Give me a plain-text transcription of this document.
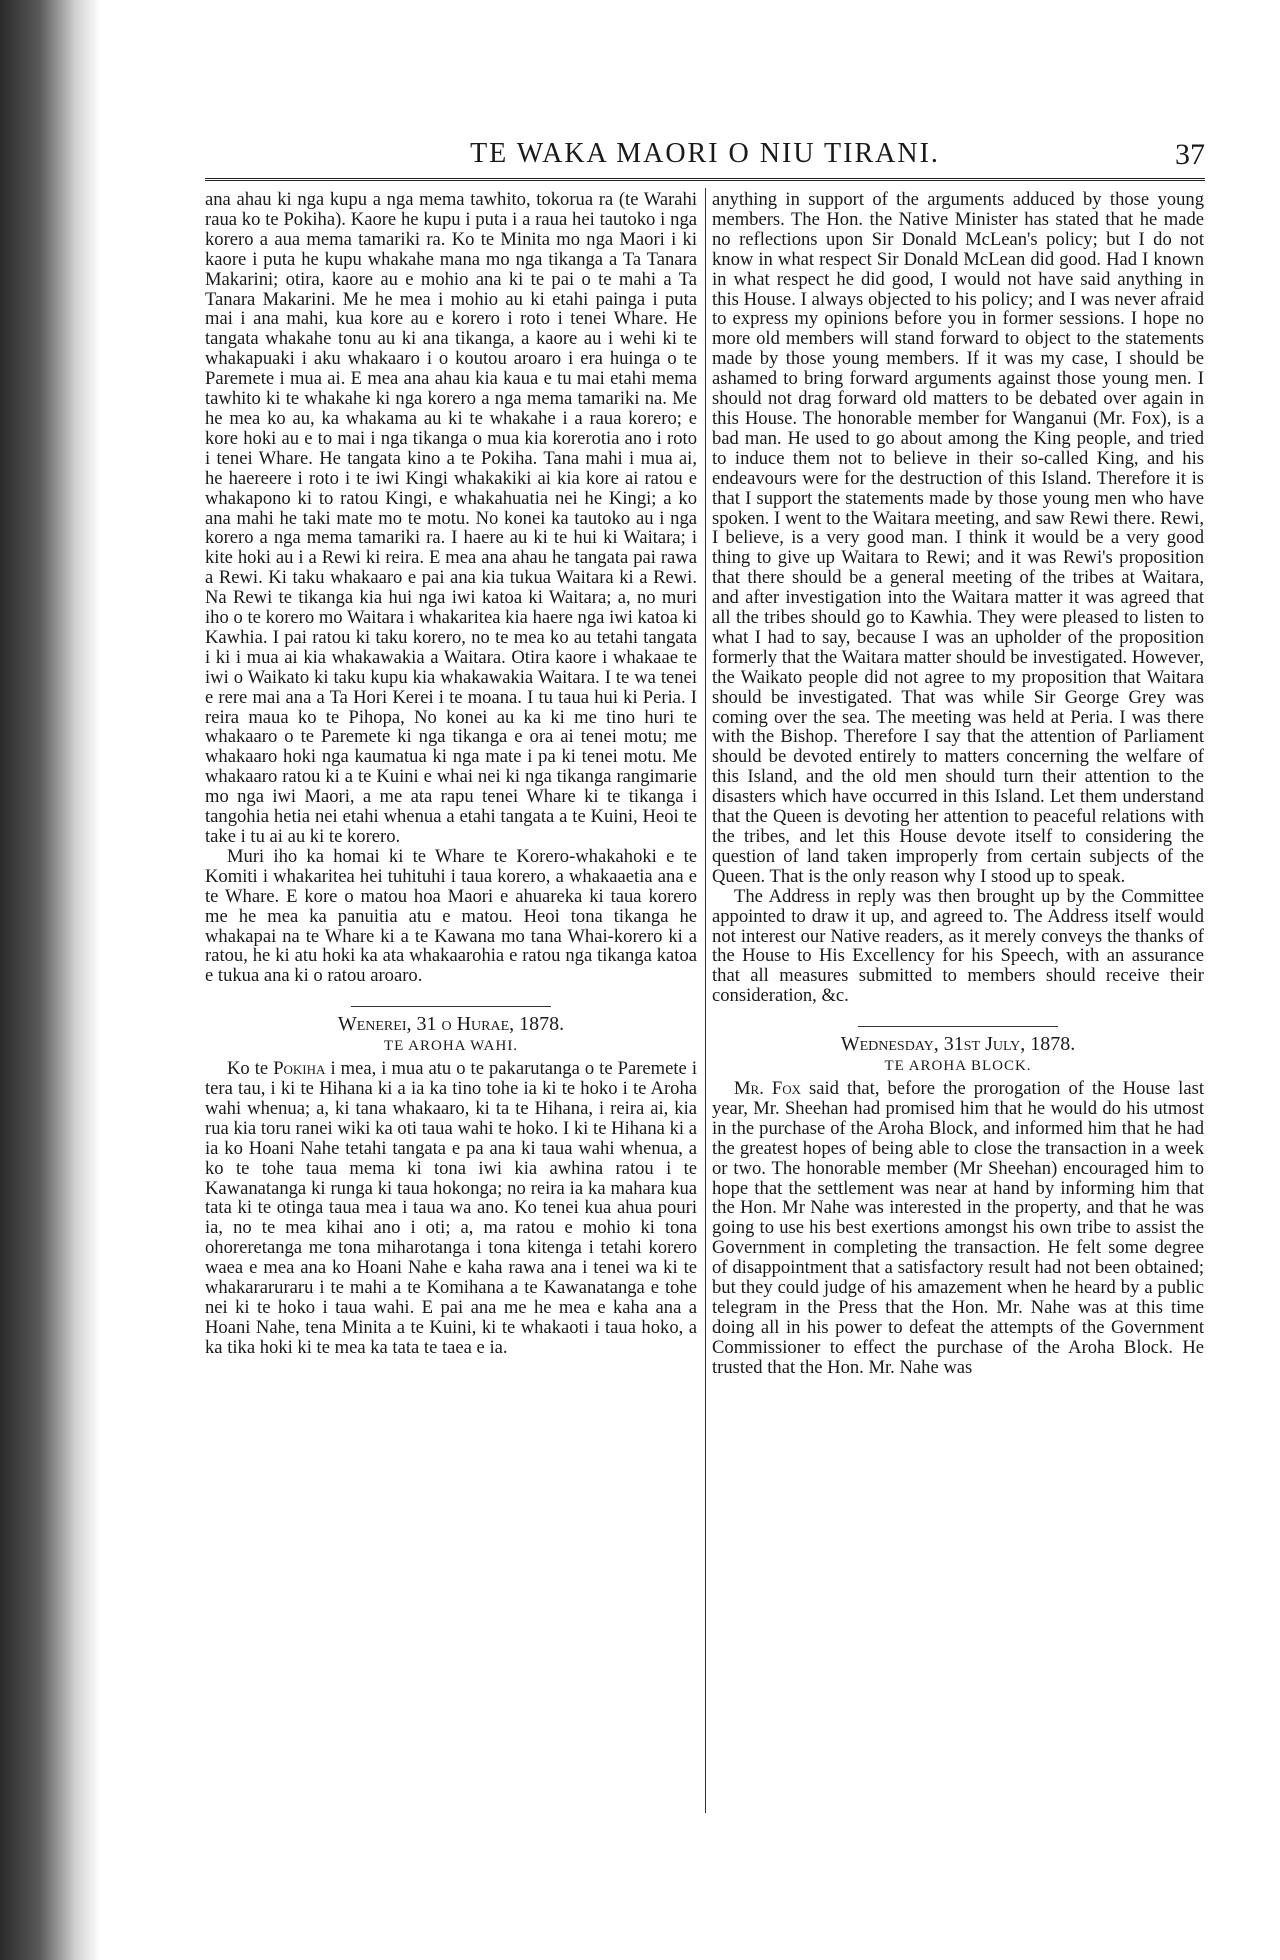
TE WAKA MAORI O NIU TIRANI.	37

ana ahau ki nga kupu a nga mema tawhito, tokorua ra (te Warahi raua ko te Pokiha). Kaore he kupu i puta i a raua hei tautoko i nga korero a aua mema tamariki ra. Ko te Minita mo nga Maori i ki kaore i puta he kupu whakahe mana mo nga tikanga a Ta Tanara Makarini; otira, kaore au e mohio ana ki te pai o te mahi a Ta Tanara Makarini. Me he mea i mohio au ki etahi painga i puta mai i ana mahi, kua kore au e korero i roto i tenei Whare. He tangata whakahe tonu au ki ana tikanga, a kaore au i wehi ki te whakapuaki i aku whakaaro i o koutou aroaro i era huinga o te Paremete i mua ai. E mea ana ahau kia kaua e tu mai etahi mema tawhito ki te whakahe ki nga korero a nga mema tamariki na. Me he mea ko au, ka whakama au ki te whakahe i a raua korero; e kore hoki au e to mai i nga tikanga o mua kia korerotia ano i roto i tenei Whare. He tangata kino a te Pokiha. Tana mahi i mua ai, he haereere i roto i te iwi Kingi whakakiki ai kia kore ai ratou e whakapono ki to ratou Kingi, e whakahuatia nei he Kingi; a ko ana mahi he taki mate mo te motu. No konei ka tautoko au i nga korero a nga mema tamariki ra. I haere au ki te hui ki Waitara; i kite hoki au i a Rewi ki reira. E mea ana ahau he tangata pai rawa a Rewi. Ki taku whakaaro e pai ana kia tukua Waitara ki a Rewi. Na Rewi te tikanga kia hui nga iwi katoa ki Waitara; a, no muri iho o te korero mo Waitara i whakaritea kia haere nga iwi katoa ki Kawhia. I pai ratou ki taku korero, no te mea ko au tetahi tangata i ki i mua ai kia whakawakia a Waitara. Otira kaore i whakaae te iwi o Waikato ki taku kupu kia whakawakia Waitara. I te wa tenei e rere mai ana a Ta Hori Kerei i te moana. I tu taua hui ki Peria. I reira maua ko te Pihopa, No konei au ka ki me tino huri te whakaaro o te Paremete ki nga tikanga e ora ai tenei motu; me whakaaro hoki nga kaumatua ki nga mate i pa ki tenei motu. Me whakaaro ratou ki a te Kuini e whai nei ki nga tikanga rangimarie mo nga iwi Maori, a me ata rapu tenei Whare ki te tikanga i tangohia hetia nei etahi whenua a etahi tangata a te Kuini, Heoi te take i tu ai au ki te korero.

Muri iho ka homai ki te Whare te Korero-whakahoki e te Komiti i whakaritea hei tuhituhi i taua korero, a whakaaetia ana e te Whare. E kore o matou hoa Maori e ahuareka ki taua korero me he mea ka panuitia atu e matou. Heoi tona tikanga he whakapai na te Whare ki a te Kawana mo tana Whai-korero ki a ratou, he ki atu hoki ka ata whakaarohia e ratou nga tikanga katoa e tukua ana ki o ratou aroaro.

Wenerei, 31 o Hurae, 1878.
TE AROHA WAHI.

Ko te Pokiha i mea, i mua atu o te pakarutanga o te Paremete i tera tau, i ki te Hihana ki a ia ka tino tohe ia ki te hoko i te Aroha wahi whenua; a, ki tana whakaaro, ki ta te Hihana, i reira ai, kia rua kia toru ranei wiki ka oti taua wahi te hoko. I ki te Hihana ki a ia ko Hoani Nahe tetahi tangata e pa ana ki taua wahi whenua, a ko te tohe taua mema ki tona iwi kia awhina ratou i te Kawanatanga ki runga ki taua hokonga; no reira ia ka mahara kua tata ki te otinga taua mea i taua wa ano. Ko tenei kua ahua pouri ia, no te mea kihai ano i oti; a, ma ratou e mohio ki tona ohoreretanga me tona miharotanga i tona kitenga i tetahi korero waea e mea ana ko Hoani Nahe e kaha rawa ana i tenei wa ki te whakararuraru i te mahi a te Komihana a te Kawanatanga e tohe nei ki te hoko i taua wahi. E pai ana me he mea e kaha ana a Hoani Nahe, tena Minita a te Kuini, ki te whakaoti i taua hoko, a ka tika hoki ki te mea ka tata te taea e ia.

anything in support of the arguments adduced by those young members. The Hon. the Native Minister has stated that he made no reflections upon Sir Donald McLean's policy; but I do not know in what respect Sir Donald McLean did good. Had I known in what respect he did good, I would not have said anything in this House. I always objected to his policy; and I was never afraid to express my opinions before you in former sessions. I hope no more old members will stand forward to object to the statements made by those young members. If it was my case, I should be ashamed to bring forward arguments against those young men. I should not drag forward old matters to be debated over again in this House. The honorable member for Wanganui (Mr. Fox), is a bad man. He used to go about among the King people, and tried to induce them not to believe in their so-called King, and his endeavours were for the destruction of this Island. Therefore it is that I support the statements made by those young men who have spoken. I went to the Waitara meeting, and saw Rewi there. Rewi, I believe, is a very good man. I think it would be a very good thing to give up Waitara to Rewi; and it was Rewi's proposition that there should be a general meeting of the tribes at Waitara, and after investigation into the Waitara matter it was agreed that all the tribes should go to Kawhia. They were pleased to listen to what I had to say, because I was an upholder of the proposition formerly that the Waitara matter should be investigated. However, the Waikato people did not agree to my proposition that Waitara should be investigated. That was while Sir George Grey was coming over the sea. The meeting was held at Peria. I was there with the Bishop. Therefore I say that the attention of Parliament should be devoted entirely to matters concerning the welfare of this Island, and the old men should turn their attention to the disasters which have occurred in this Island. Let them understand that the Queen is devoting her attention to peaceful relations with the tribes, and let this House devote itself to considering the question of land taken improperly from certain subjects of the Queen. That is the only reason why I stood up to speak.

The Address in reply was then brought up by the Committee appointed to draw it up, and agreed to. The Address itself would not interest our Native readers, as it merely conveys the thanks of the House to His Excellency for his Speech, with an assurance that all measures submitted to members should receive their consideration, &c.

Wednesday, 31st July, 1878.
TE AROHA BLOCK.

Mr. Fox said that, before the prorogation of the House last year, Mr. Sheehan had promised him that he would do his utmost in the purchase of the Aroha Block, and informed him that he had the greatest hopes of being able to close the transaction in a week or two. The honorable member (Mr Sheehan) encouraged him to hope that the settlement was near at hand by informing him that the Hon. Mr Nahe was interested in the property, and that he was going to use his best exertions amongst his own tribe to assist the Government in completing the transaction. He felt some degree of disappointment that a satisfactory result had not been obtained; but they could judge of his amazement when he heard by a public telegram in the Press that the Hon. Mr. Nahe was at this time doing all in his power to defeat the attempts of the Government Commissioner to effect the purchase of the Aroha Block. He trusted that the Hon. Mr. Nahe was
